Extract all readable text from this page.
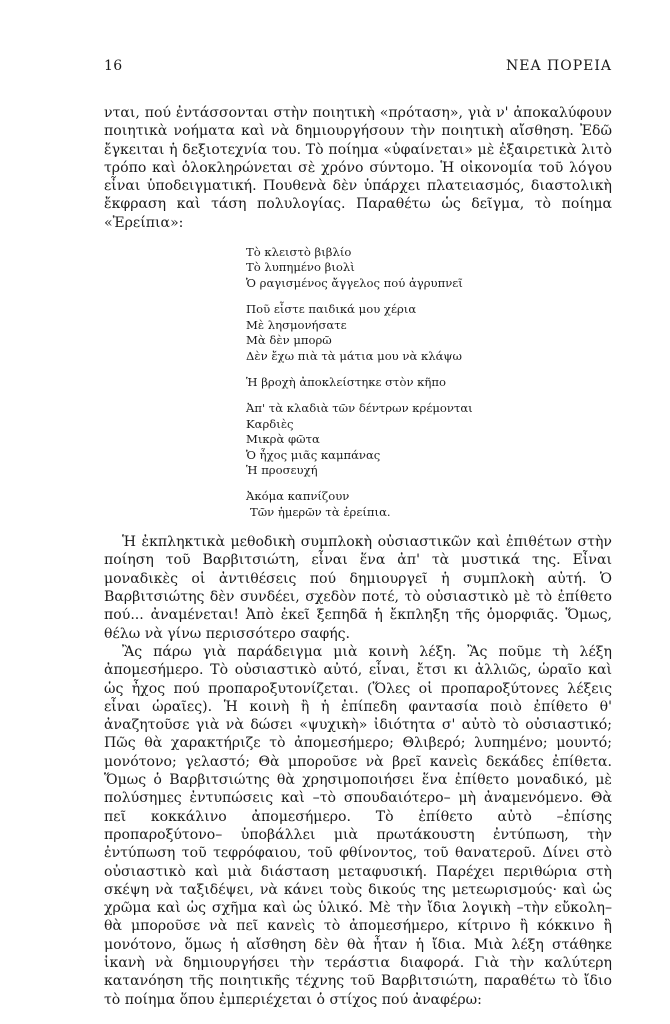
16	ΝΕΑ ΠΟΡΕΙΑ

νται, πού ἐντάσσονται στὴν ποιητικὴ «πρόταση», γιὰ ν' ἀποκαλύφουν ποιητικὰ νοήματα καὶ νὰ δημιουργήσουν τὴν ποιητικὴ αἴσθηση. Ἐδῶ ἔγκειται ἡ δεξιοτεχνία του. Τὸ ποίημα «ὑφαίνεται» μὲ ἐξαιρετικὰ λιτὸ τρόπο καὶ ὁλοκληρώνεται σὲ χρόνο σύντομο. Ἡ οἰκονομία τοῦ λόγου εἶναι ὑποδειγματική. Πουθενὰ δὲν ὑπάρχει πλατειασμός, διαστολικὴ ἔκφραση καὶ τάση πολυλογίας. Παραθέτω ὡς δεῖγμα, τὸ ποίημα «Ἐρείπια»:

Τὸ κλειστὸ βιβλίο
Τὸ λυπημένο βιολὶ
Ὁ ραγισμένος ἄγγελος πού ἀγρυπνεῖ
Ποῦ εἶστε παιδικά μου χέρια
Μὲ λησμονήσατε
Μὰ δὲν μπορῶ
Δὲν ἔχω πιὰ τὰ μάτια μου νὰ κλάψω
Ἡ βροχὴ ἀποκλείστηκε στὸν κῆπο
Ἀπ' τὰ κλαδιὰ τῶν δέντρων κρέμονται
Καρδιὲς
Μικρὰ φῶτα
Ὁ ἦχος μιᾶς καμπάνας
Ἡ προσευχή
Ἀκόμα καπνίζουν
Τῶν ἡμερῶν τὰ ἐρείπια.

Ἡ ἐκπληκτικὰ μεθοδικὴ συμπλοκὴ οὐσιαστικῶν καὶ ἐπιθέτων στὴν ποίηση τοῦ Βαρβιτσιώτη, εἶναι ἕνα ἀπ' τὰ μυστικά της. Εἶναι μοναδικὲς οἱ ἀντιθέσεις πού δημιουργεῖ ἡ συμπλοκὴ αὐτή. Ὁ Βαρβιτσιώτης δὲν συνδέει, σχεδὸν ποτέ, τὸ οὐσιαστικὸ μὲ τὸ ἐπίθετο πού... ἀναμένεται! Ἀπὸ ἐκεῖ ξεπηδᾶ ἡ ἔκπληξη τῆς ὁμορφιᾶς. Ὅμως, θέλω νὰ γίνω περισσότερο σαφής.

Ἂς πάρω γιὰ παράδειγμα μιὰ κοινὴ λέξη. Ἂς ποῦμε τὴ λέξη ἀπομεσήμερο. Τὸ οὐσιαστικὸ αὐτό, εἶναι, ἔτσι κι ἀλλιῶς, ὡραῖο καὶ ὡς ἦχος πού προπαροξυτονίζεται. (Ὅλες οἱ προπαροξύτονες λέξεις εἶναι ὡραῖες). Ἡ κοινὴ ἢ ἡ ἐπίπεδη φαντασία ποιὸ ἐπίθετο θ' ἀναζητοῦσε γιὰ νὰ δώσει «ψυχικὴ» ἰδιότητα σ' αὐτὸ τὸ οὐσιαστικό; Πῶς θὰ χαρακτήριζε τὸ ἀπομεσήμερο; Θλιβερό; λυπημένο; μουντό; μονότονο; γελαστό; Θὰ μποροῦσε νὰ βρεῖ κανεὶς δεκάδες ἐπίθετα. Ὅμως ὁ Βαρβιτσιώτης θὰ χρησιμοποιήσει ἕνα ἐπίθετο μοναδικό, μὲ πολύσημες ἐντυπώσεις καὶ –τὸ σπουδαιότερο– μὴ ἀναμενόμενο. Θὰ πεῖ κοκκάλινο ἀπομεσήμερο. Τὸ ἐπίθετο αὐτὸ –ἐπίσης προπαροξύτονο– ὑποβάλλει μιὰ πρωτάκουστη ἐντύπωση, τὴν ἐντύπωση τοῦ τεφρόφαιου, τοῦ φθίνοντος, τοῦ θανατεροῦ. Δίνει στὸ οὐσιαστικὸ καὶ μιὰ διάσταση μεταφυσική. Παρέχει περιθώρια στὴ σκέψη νὰ ταξιδέψει, νὰ κάνει τοὺς δικούς της μετεωρισμούς· καὶ ὡς χρῶμα καὶ ὡς σχῆμα καὶ ὡς ὑλικό. Μὲ τὴν ἴδια λογικὴ –τὴν εὔκολη– θὰ μποροῦσε νὰ πεῖ κανεὶς τὸ ἀπομεσήμερο, κίτρινο ἢ κόκκινο ἢ μονότονο, ὅμως ἡ αἴσθηση δὲν θὰ ἦταν ἡ ἴδια. Μιὰ λέξη στάθηκε ἱκανὴ νὰ δημιουργήσει τὴν τεράστια διαφορά. Γιὰ τὴν καλύτερη κατανόηση τῆς ποιητικῆς τέχνης τοῦ Βαρβιτσιώτη, παραθέτω τὸ ἴδιο τὸ ποίημα ὅπου ἐμπεριέχεται ὁ στίχος πού ἀναφέρω:
